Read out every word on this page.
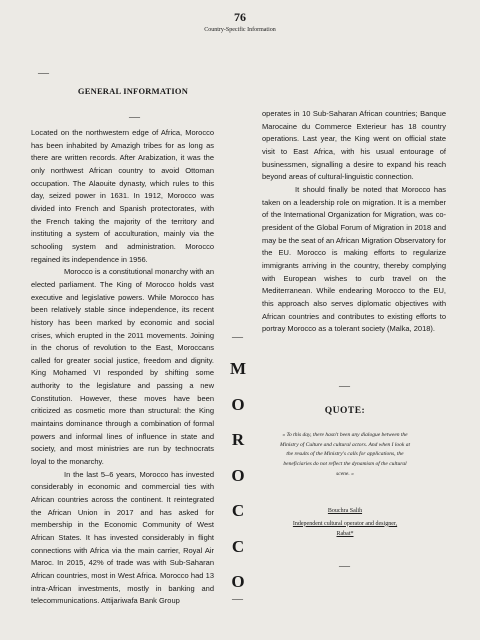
76
Country-Specific Information
—
GENERAL INFORMATION
—

Located on the northwestern edge of Africa, Morocco has been inhabited by Amazigh tribes for as long as there are written records. After Arabization, it was the only northwest African country to avoid Ottoman occupation. The Alaouite dynasty, which rules to this day, seized power in 1631. In 1912, Morocco was divided into French and Spanish protectorates, with the French taking the majority of the territory and instituting a system of acculturation, mainly via the schooling system and administration. Morocco regained its independence in 1956.

Morocco is a constitutional monarchy with an elected parliament. The King of Morocco holds vast executive and legislative powers. While Morocco has been relatively stable since independence, its recent history has been marked by economic and social crises, which erupted in the 2011 movements. Joining in the chorus of revolution to the East, Moroccans called for greater social justice, freedom and dignity. King Mohamed VI responded by shifting some authority to the legislature and passing a new Constitution. However, these moves have been criticized as cosmetic more than structural: the King maintains dominance through a combination of formal powers and informal lines of influence in state and society, and most ministries are run by technocrats loyal to the monarchy.

In the last 5–6 years, Morocco has invested considerably in economic and commercial ties with African countries across the continent. It reintegrated the African Union in 2017 and has asked for membership in the Economic Community of West African States. It has invested considerably in flight connections with Africa via the main carrier, Royal Air Maroc. In 2015, 42% of trade was with Sub-Saharan African countries, most in West Africa. Morocco had 13 intra-African investments, mostly in banking and telecommunications. Attijariwafa Bank Group

—
M
O
R
O
C
C
O
—

operates in 10 Sub-Saharan African countries; Banque Marocaine du Commerce Exterieur has 18 country operations. Last year, the King went on official state visit to East Africa, with his usual entourage of businessmen, signalling a desire to expand his reach beyond areas of cultural-linguistic connection.

It should finally be noted that Morocco has taken on a leadership role on migration. It is a member of the International Organization for Migration, was co-president of the Global Forum of Migration in 2018 and may be the seat of an African Migration Observatory for the EU. Morocco is making efforts to regularize immigrants arriving in the country, thereby complying with European wishes to curb travel on the Mediterranean. While endearing Morocco to the EU, this approach also serves diplomatic objectives with African countries and contributes to existing efforts to portray Morocco as a tolerant society (Malka, 2018).

—
QUOTE:
« To this day, there hasn't been any dialogue between the Ministry of Culture and cultural actors. And when I look at the results of the Ministry's calls for applications, the beneficiaries do not reflect the dynamism of the cultural scene. »
Bouchra Salih
Independent cultural operator and designer,
Rabat*
—
